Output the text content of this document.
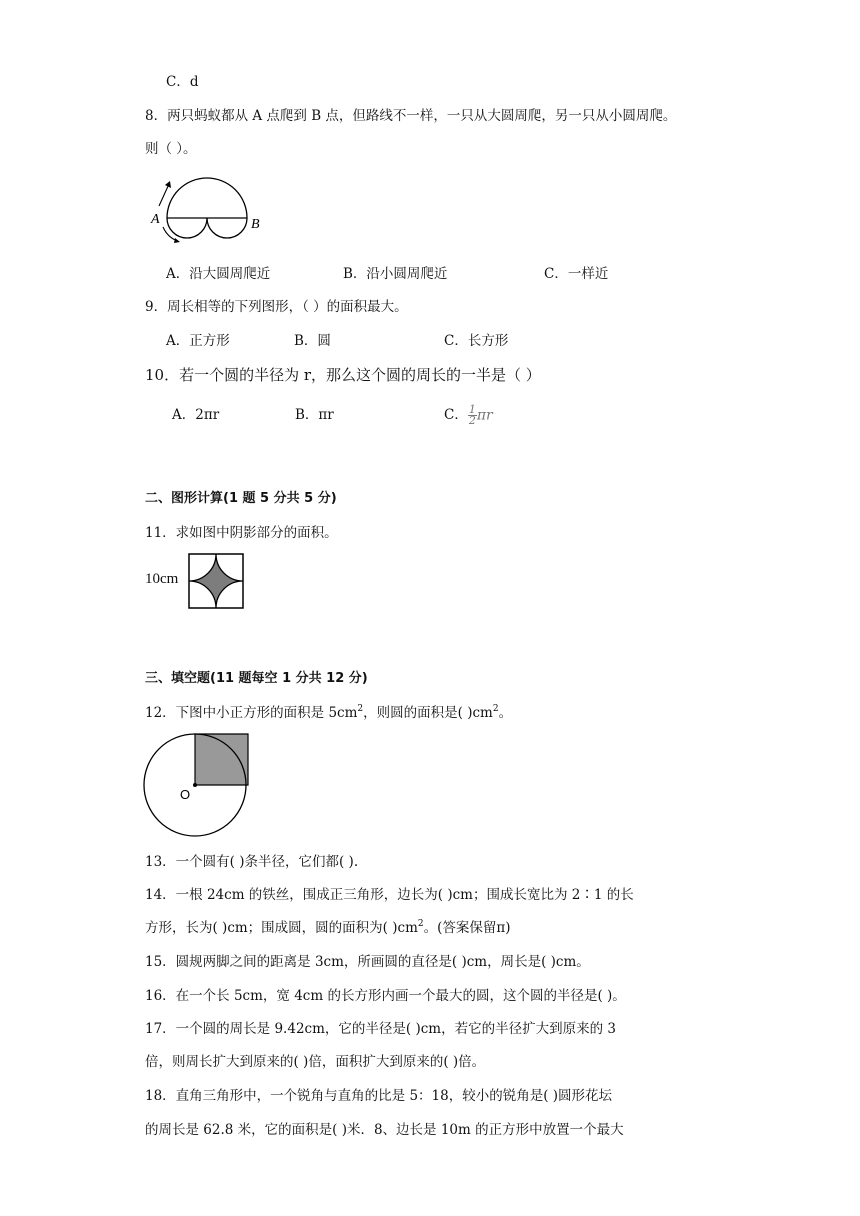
C．d
8．两只蚂蚁都从 A 点爬到 B 点，但路线不一样，一只从大圆周爬，另一只从小圆周爬。
则（ ）。
A	B
A．沿大圆周爬近	B．沿小圆周爬近	C．一样近
9．周长相等的下列图形，（ ）的面积最大。
A．正方形	B．圆	C．长方形
10．若一个圆的半径为 r，那么这个圆的周长的一半是（ ）
A．2πr	B．πr	C． $\frac{1}{2}$ πr
二、图形计算(1 题 5 分共 5 分)
11．求如图中阴影部分的面积。
10cm
三、填空题(11 题每空 1 分共 12 分)
12．下图中小正方形的面积是 $5cm^2$，则圆的面积是( )$cm^2$。
O
13．一个圆有( )条半径，它们都( ).
14．一根 24cm 的铁丝，围成正三角形，边长为( )cm；围成长宽比为 2∶1 的长
方形，长为( )cm；围成圆，圆的面积为( )$cm^2$。(答案保留π)
15．圆规两脚之间的距离是 3cm，所画圆的直径是( )cm，周长是( )cm。
16．在一个长 5cm，宽 4cm 的长方形内画一个最大的圆，这个圆的半径是( )。
17．一个圆的周长是 9.42cm，它的半径是( )cm，若它的半径扩大到原来的 3
倍，则周长扩大到原来的( )倍，面积扩大到原来的( )倍。
18．直角三角形中，一个锐角与直角的比是 5：18，较小的锐角是( )圆形花坛
的周长是 62.8 米，它的面积是( )米．8、边长是 10m 的正方形中放置一个最大
